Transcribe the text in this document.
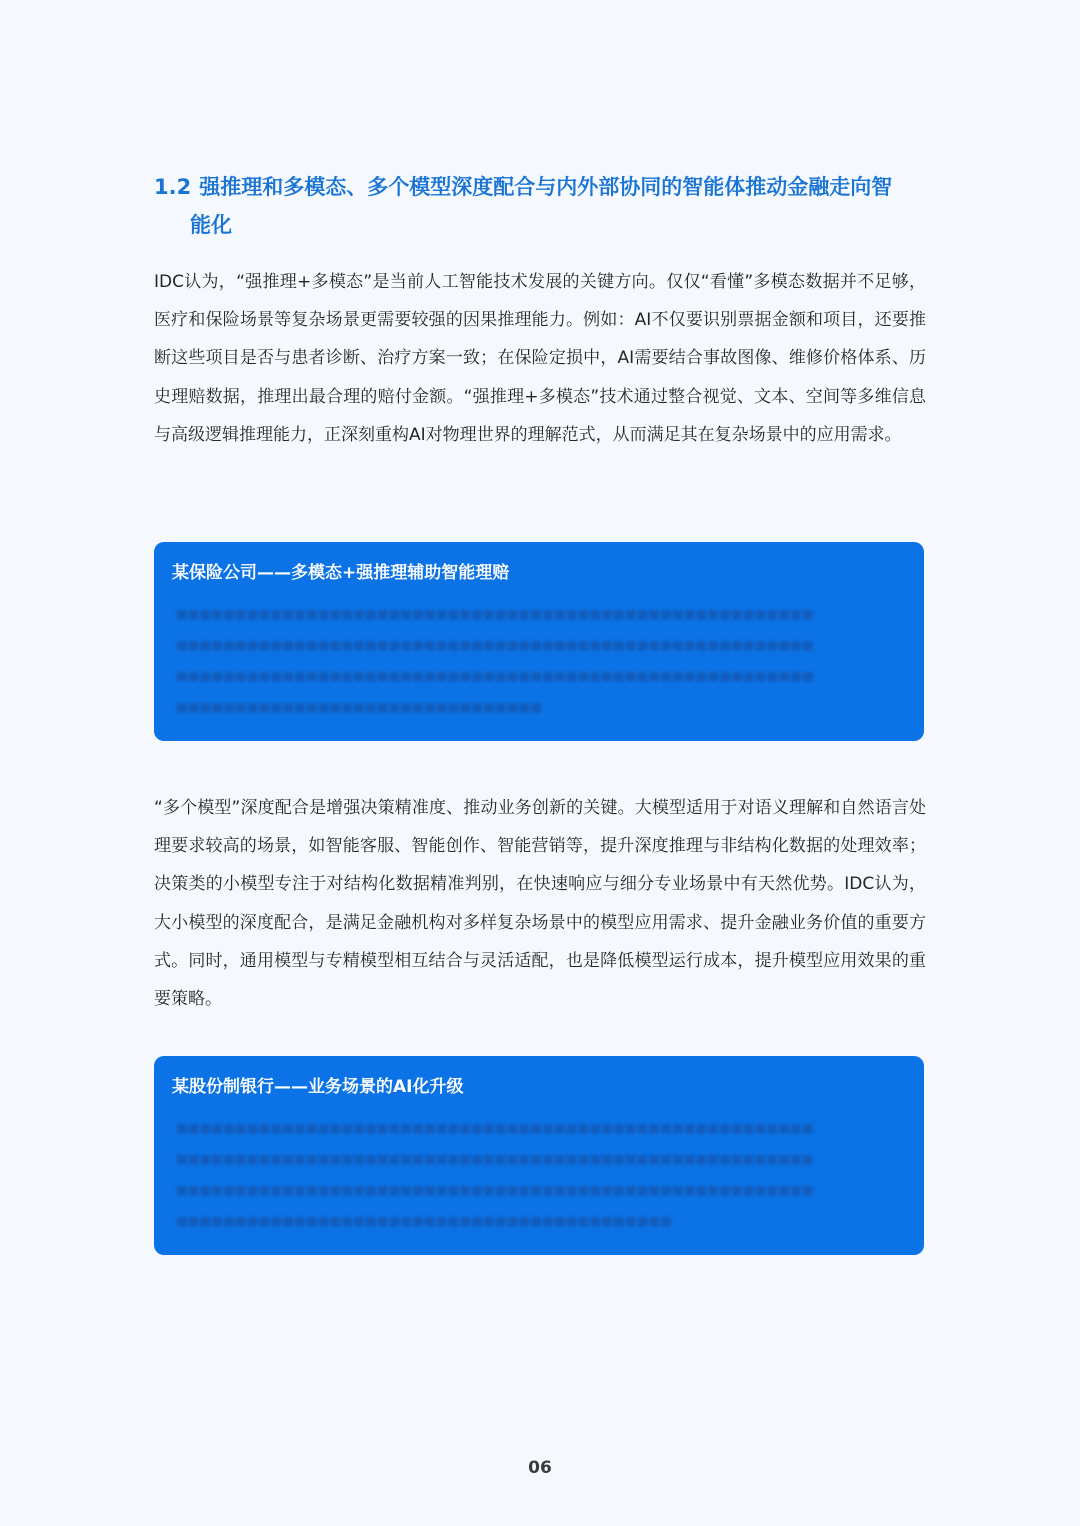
1.2 强推理和多模态、多个模型深度配合与内外部协同的智能体推动金融走向智
能化

IDC认为，“强推理+多模态”是当前人工智能技术发展的关键方向。仅仅“看懂”多模态数据并不足够，医疗和保险场景等复杂场景更需要较强的因果推理能力。例如：AI不仅要识别票据金额和项目，还要推断这些项目是否与患者诊断、治疗方案一致；在保险定损中，AI需要结合事故图像、维修价格体系、历史理赔数据，推理出最合理的赔付金额。“强推理+多模态”技术通过整合视觉、文本、空间等多维信息与高级逻辑推理能力，正深刻重构AI对物理世界的理解范式，从而满足其在复杂场景中的应用需求。

某保险公司——多模态+强推理辅助智能理赔
■■■■■■■■■■■■■■■■■■■■■■■■■■■■■■■■■■■■■■■■■■■■■■■■■■■■■■
■■■■■■■■■■■■■■■■■■■■■■■■■■■■■■■■■■■■■■■■■■■■■■■■■■■■■■
■■■■■■■■■■■■■■■■■■■■■■■■■■■■■■■■■■■■■■■■■■■■■■■■■■■■■■
■■■■■■■■■■■■■■■■■■■■■■■■■■■■■■■

“多个模型”深度配合是增强决策精准度、推动业务创新的关键。大模型适用于对语义理解和自然语言处理要求较高的场景，如智能客服、智能创作、智能营销等，提升深度推理与非结构化数据的处理效率；决策类的小模型专注于对结构化数据精准判别，在快速响应与细分专业场景中有天然优势。IDC认为，大小模型的深度配合，是满足金融机构对多样复杂场景中的模型应用需求、提升金融业务价值的重要方式。同时，通用模型与专精模型相互结合与灵活适配，也是降低模型运行成本，提升模型应用效果的重要策略。

某股份制银行——业务场景的AI化升级
■■■■■■■■■■■■■■■■■■■■■■■■■■■■■■■■■■■■■■■■■■■■■■■■■■■■■■
■■■■■■■■■■■■■■■■■■■■■■■■■■■■■■■■■■■■■■■■■■■■■■■■■■■■■■
■■■■■■■■■■■■■■■■■■■■■■■■■■■■■■■■■■■■■■■■■■■■■■■■■■■■■■
■■■■■■■■■■■■■■■■■■■■■■■■■■■■■■■■■■■■■■■■■■
06
